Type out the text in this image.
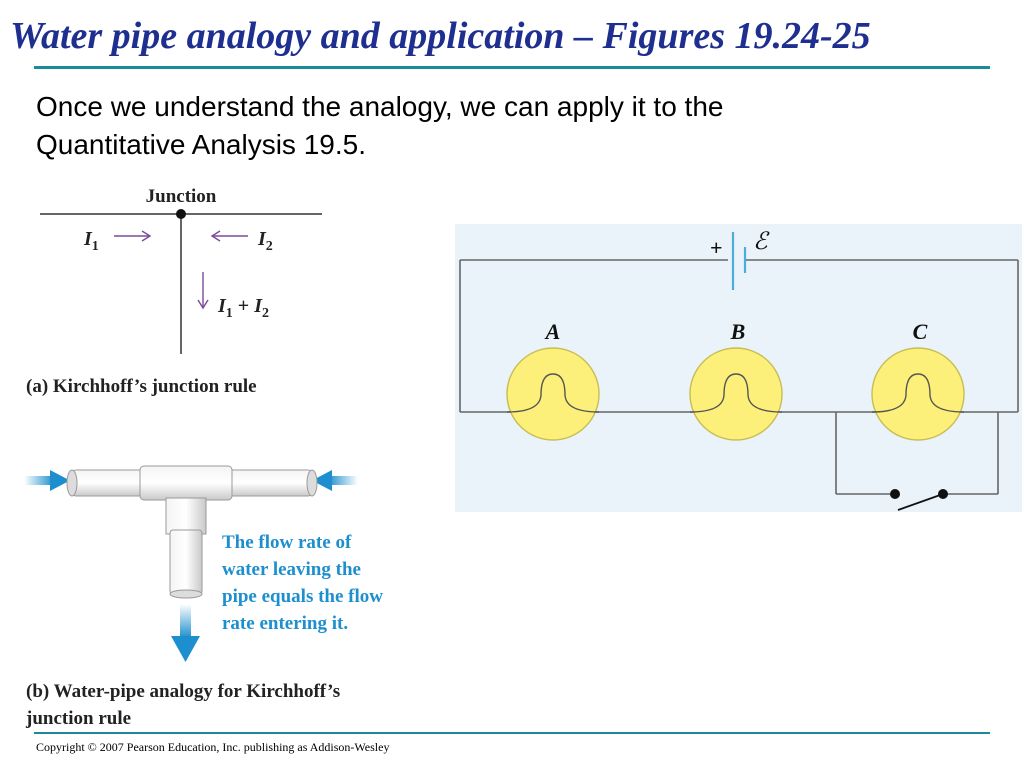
Water pipe analogy and application – Figures 19.24-25
Once we understand the analogy, we can apply it to the
Quantitative Analysis 19.5.
Junction
$I_1$	$I_2$
$I_1 + I_2$
(a) Kirchhoff’s junction rule
The flow rate of water leaving the pipe equals the flow rate entering it.
(b) Water-pipe analogy for Kirchhoff’s junction rule
+ ℰ
A	B	C
Copyright © 2007 Pearson Education, Inc. publishing as Addison-Wesley
